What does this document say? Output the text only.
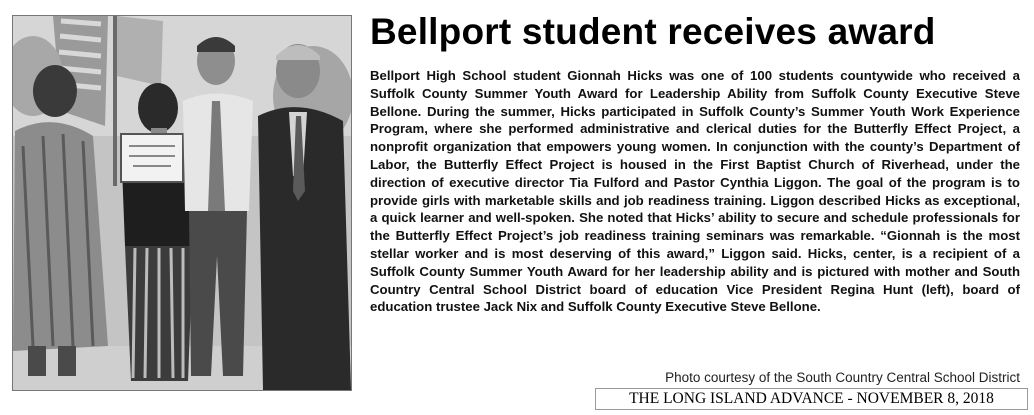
Bellport student receives award

Bellport High School student Gionnah Hicks was one of 100 students countywide who received a Suffolk County Summer Youth Award for Leadership Ability from Suffolk County Executive Steve Bellone. During the summer, Hicks participated in Suffolk County’s Summer Youth Work Experience Program, where she performed administrative and clerical duties for the Butterfly Effect Project, a nonprofit organization that empowers young women. In conjunction with the county’s Department of Labor, the Butterfly Effect Project is housed in the First Baptist Church of Riverhead, under the direction of executive director Tia Fulford and Pastor Cynthia Liggon. The goal of the program is to provide girls with marketable skills and job readiness training. Liggon described Hicks as exceptional, a quick learner and well-spoken. She noted that Hicks’ ability to secure and schedule professionals for the Butterfly Effect Project’s job readiness training seminars was remarkable. “Gionnah is the most stellar worker and is most deserving of this award,” Liggon said. Hicks, center, is a recipient of a Suffolk County Summer Youth Award for her leadership ability and is pictured with mother and South Country Central School District board of education Vice President Regina Hunt (left), board of education trustee Jack Nix and Suffolk County Executive Steve Bellone.

Photo courtesy of the South Country Central School District

THE LONG ISLAND ADVANCE - NOVEMBER 8, 2018
